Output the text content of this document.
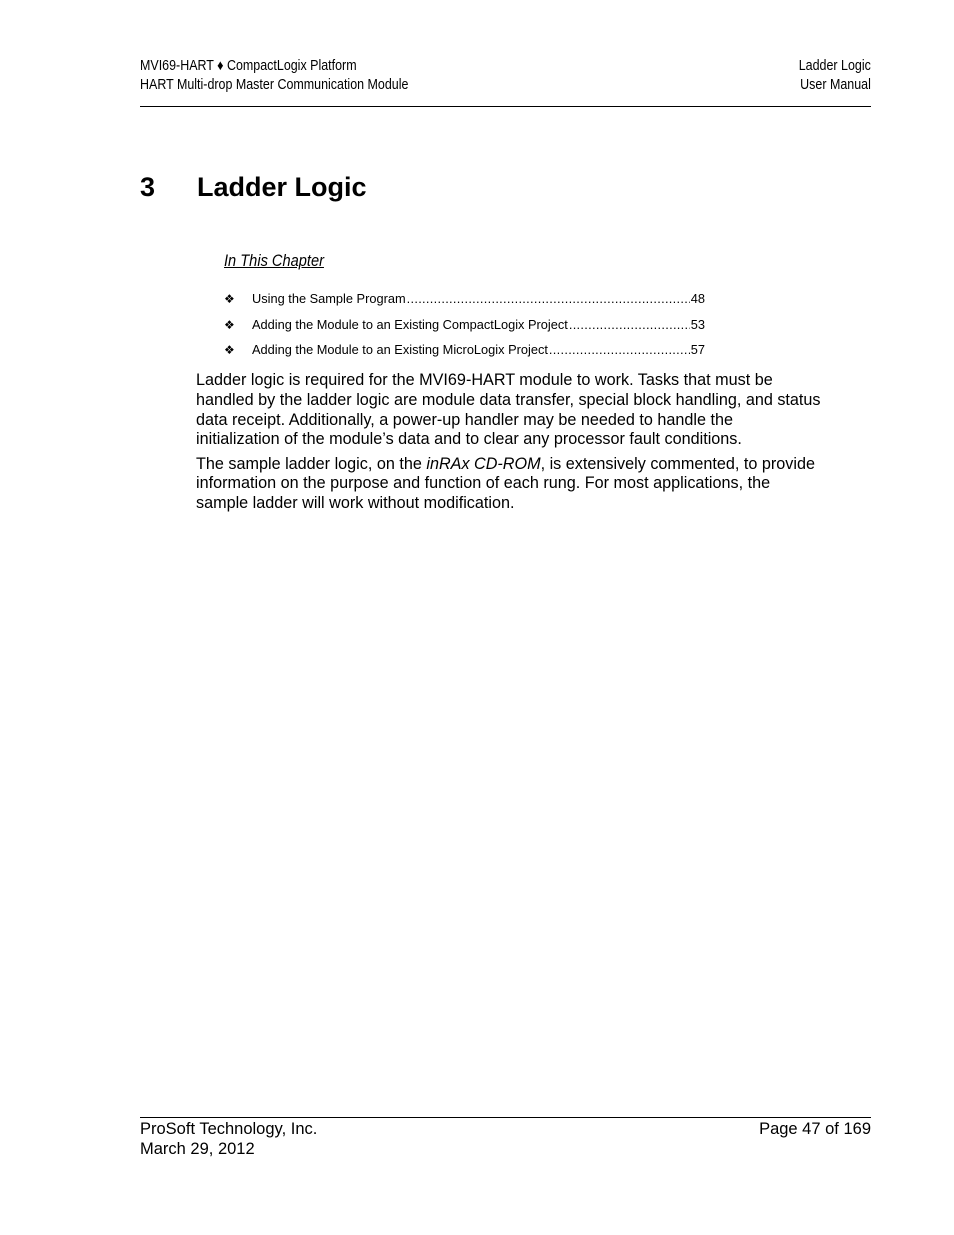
MVI69-HART ♦ CompactLogix Platform
HART Multi-drop Master Communication Module
Ladder Logic
User Manual
3 Ladder Logic
In This Chapter
❖	Using the Sample Program .....	48
❖	Adding the Module to an Existing CompactLogix Project .....	53
❖	Adding the Module to an Existing MicroLogix Project .....	57

Ladder logic is required for the MVI69-HART module to work. Tasks that must be handled by the ladder logic are module data transfer, special block handling, and status data receipt. Additionally, a power-up handler may be needed to handle the initialization of the module’s data and to clear any processor fault conditions.

The sample ladder logic, on the inRAx CD-ROM, is extensively commented, to provide information on the purpose and function of each rung. For most applications, the sample ladder will work without modification.

ProSoft Technology, Inc.
March 29, 2012
Page 47 of 169
